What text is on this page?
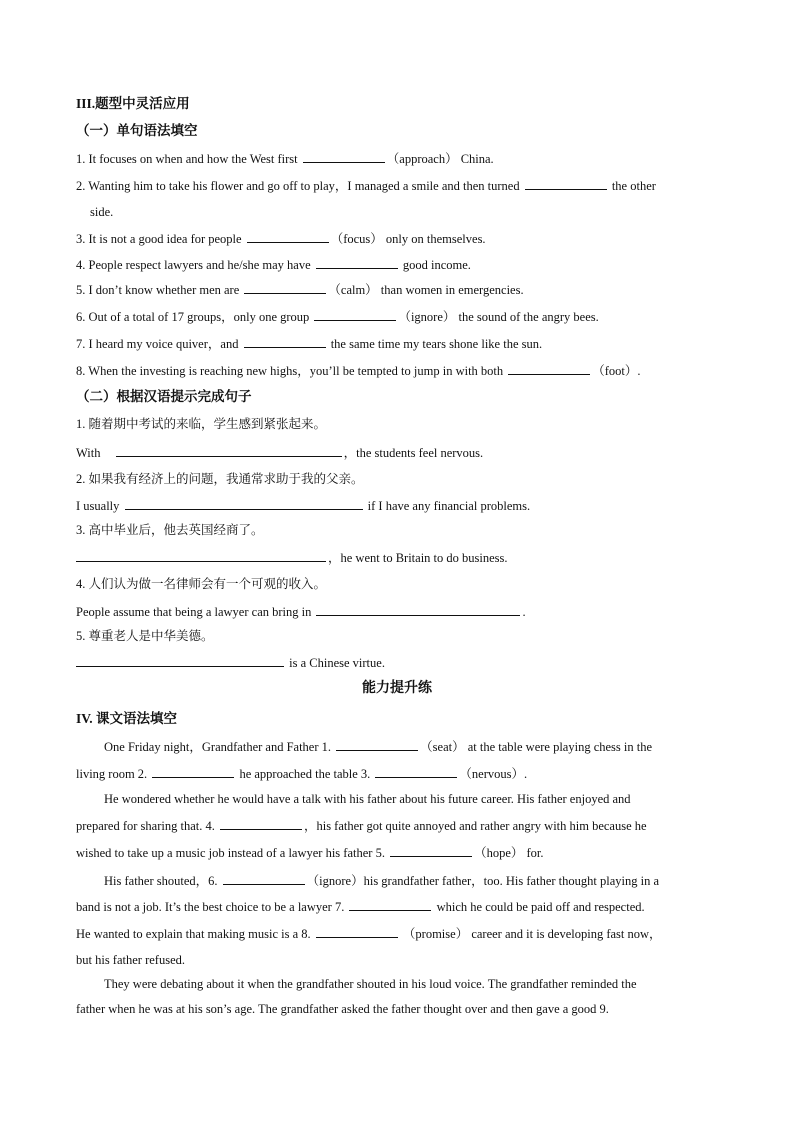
III.题型中灵活应用
（一）单句语法填空
1. It focuses on when and how the West first	（approach） China.
2. Wanting him to take his flower and go off to play，I managed a smile and then turned	the other
side.
3. It is not a good idea for people	（focus） only on themselves.
4. People respect lawyers and he/she may have	good income.
5. I don’t know whether men are	（calm） than women in emergencies.
6. Out of a total of 17 groups，only one group	（ignore） the sound of the angry bees.
7. I heard my voice quiver，and	the same time my tears shone like the sun.
8. When the investing is reaching new highs，you’ll be tempted to jump in with both	（foot）.
（二）根据汉语提示完成句子
1. 随着期中考试的来临，学生感到紧张起来。
With	，the students feel nervous.
2. 如果我有经济上的问题，我通常求助于我的父亲。
I usually	if I have any financial problems.
3. 高中毕业后，他去英国经商了。
，he went to Britain to do business.
4. 人们认为做一名律师会有一个可观的收入。
People assume that being a lawyer can bring in	.
5. 尊重老人是中华美德。
is a Chinese virtue.
能力提升练
IV. 课文语法填空
One Friday night，Grandfather and Father 1.	（seat） at the table were playing chess in the
living room 2.	he approached the table 3.	（nervous）.
He wondered whether he would have a talk with his father about his future career. His father enjoyed and
prepared for sharing that. 4.	，his father got quite annoyed and rather angry with him because he
wished to take up a music job instead of a lawyer his father 5.	（hope） for.
His father shouted，6.	（ignore）his grandfather father，too. His father thought playing in a
band is not a job. It’s the best choice to be a lawyer 7.	which he could be paid off and respected.
He wanted to explain that making music is a 8.	（promise） career and it is developing fast now，
but his father refused.
They were debating about it when the grandfather shouted in his loud voice. The grandfather reminded the
father when he was at his son’s age. The grandfather asked the father thought over and then gave a good 9.
